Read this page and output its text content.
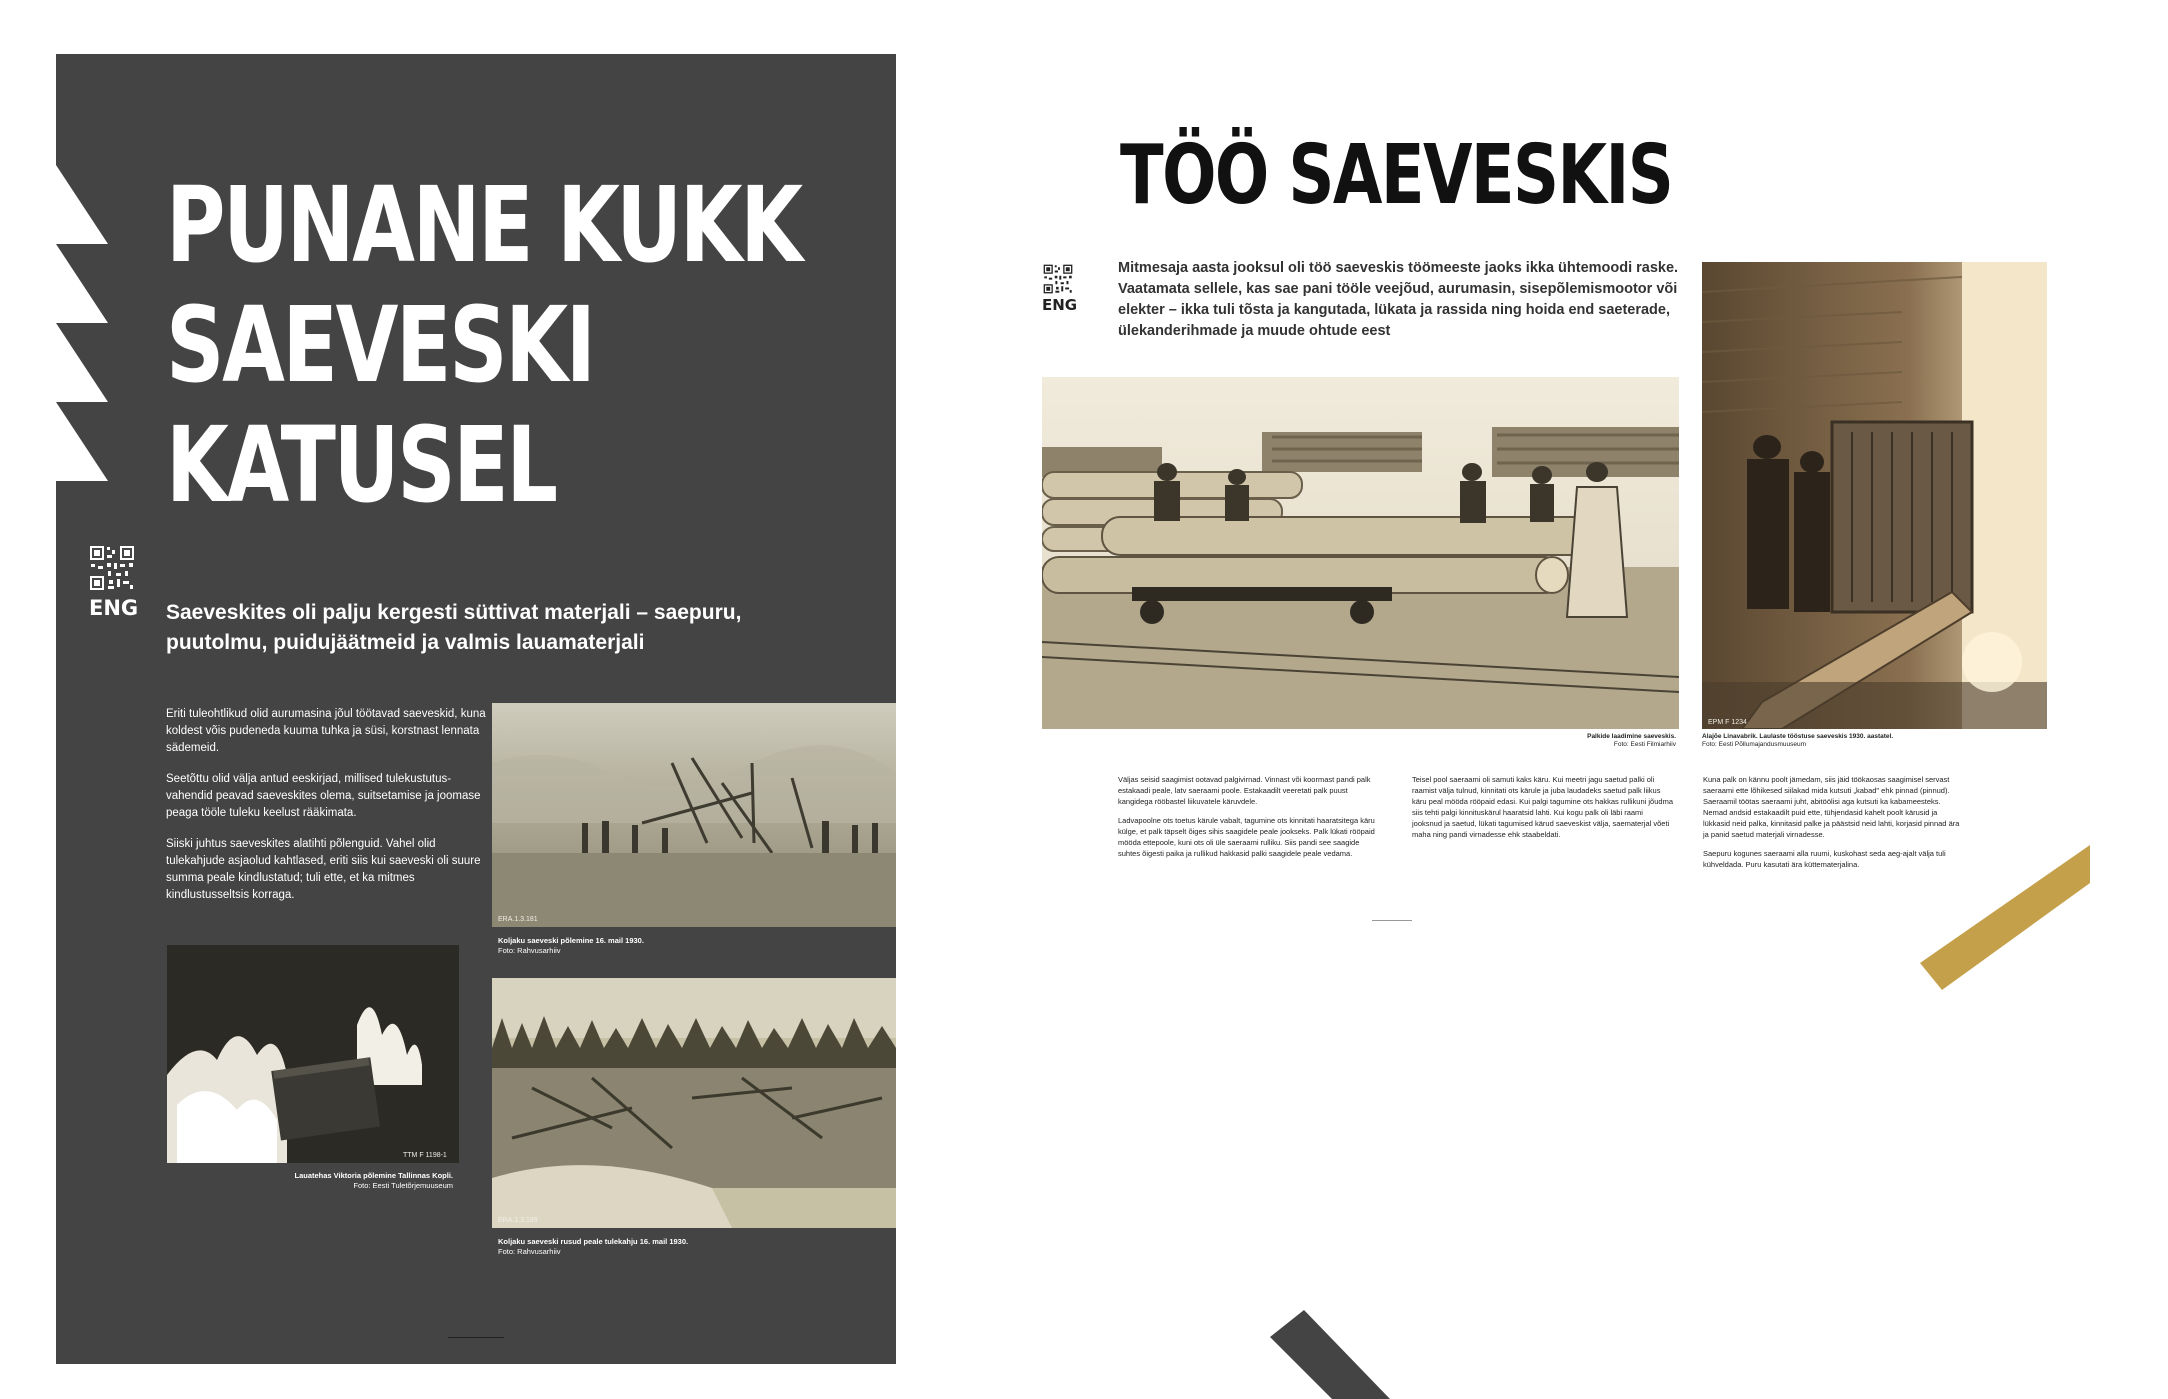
PUNANE KUKK
SAEVESKI
KATUSEL
ENG Saeveskites oli palju kergesti süttivat materjali – saepuru, puutolmu, puidujäätmeid ja valmis lauamaterjali

Eriti tuleohtlikud olid aurumasina jõul töötavad saeveskid, kuna koldest võis pudeneda kuuma tuhka ja süsi, korstnast lennata sädemeid.

Seetõttu olid välja antud eeskirjad, millised tulekustutus-vahendid peavad saeveskites olema, suitsetamise ja joomase peaga tööle tuleku keelust rääkimata.

Siiski juhtus saeveskites alatihti põlenguid. Vahel olid tulekahjude asjaolud kahtlased, eriti siis kui saeveski oli suure summa peale kindlustatud; tuli ette, et ka mitmes kindlustusseltsis korraga.

ERA.1.3.181
Koljaku saeveski põlemine 16. mail 1930.
Foto: Rahvusarhiiv
TTM F 1198-1
Lauatehas Viktoria põlemine Tallinnas Kopli.
Foto: Eesti Tuletõrjemuuseum
ERA.1.3.189
Koljaku saeveski rusud peale tulekahju 16. mail 1930.
Foto: Rahvusarhiiv
TÖÖ SAEVESKIS
ENG
Mitmesaja aasta jooksul oli töö saeveskis töömeeste jaoks ikka ühtemoodi raske. Vaatamata sellele, kas sae pani tööle veejõud, aurumasin, sisepõlemismootor või elekter – ikka tuli tõsta ja kangutada, lükata ja rassida ning hoida end saeterade, ülekanderihmade ja muude ohtude eest
Palkide laadimine saeveskis.
Foto: Eesti Filmiarhiiv
EPM F 1234
Alajõe Linavabrik. Laulaste tööstuse saeveskis 1930. aastatel.
Foto: Eesti Põllumajandusmuuseum

Väljas seisid saagimist ootavad palgivirnad. Vinnast või koormast pandi palk estakaadi peale, latv saeraami poole. Estakaadilt veeretati palk puust kangidega rööbastel liikuvatele käruvdele.

Ladvapoolne ots toetus kärule vabalt, tagumine ots kinnitati haaratsitega käru külge, et palk täpselt õiges sihis saagidele peale jookseks. Palk lükati rööpaid mööda ettepoole, kuni ots oli üle saeraami rulliku. Siis pandi see saagide suhtes õigesti paika ja rullikud hakkasid palki saagidele peale vedama.

Teisel pool saeraami oli samuti kaks käru. Kui meetri jagu saetud palki oli raamist välja tulnud, kinnitati ots kärule ja juba laudadeks saetud palk liikus käru peal mööda rööpaid edasi. Kui palgi tagumine ots hakkas rullikuni jõudma siis tehti palgi kinnituskärul haaratsid lahti. Kui kogu palk oli läbi raami jooksnud ja saetud, lükati tagumised kärud saeveskist välja, saematerjal võeti maha ning pandi virnadesse ehk staabeldati.

Kuna palk on kännu poolt jämedam, siis jäid töökaosas saagimisel servast saeraami ette lõhikesed siilakad mida kutsuti „kabad" ehk pinnad (pinnud). Saeraamil töötas saeraami juht, abitöölisi aga kutsuti ka kabameesteks. Nemad andsid estakaadilt puid ette, tühjendasid kahelt poolt kärusid ja lükkasid neid palka, kinnitasid palke ja päästsid neid lahti, korjasid pinnad ära ja panid saetud materjali virnadesse.

Saepuru kogunes saeraami alla ruumi, kuskohast seda aeg-ajalt välja tuli kühveldada. Puru kasutati ära küttematerjalina.
